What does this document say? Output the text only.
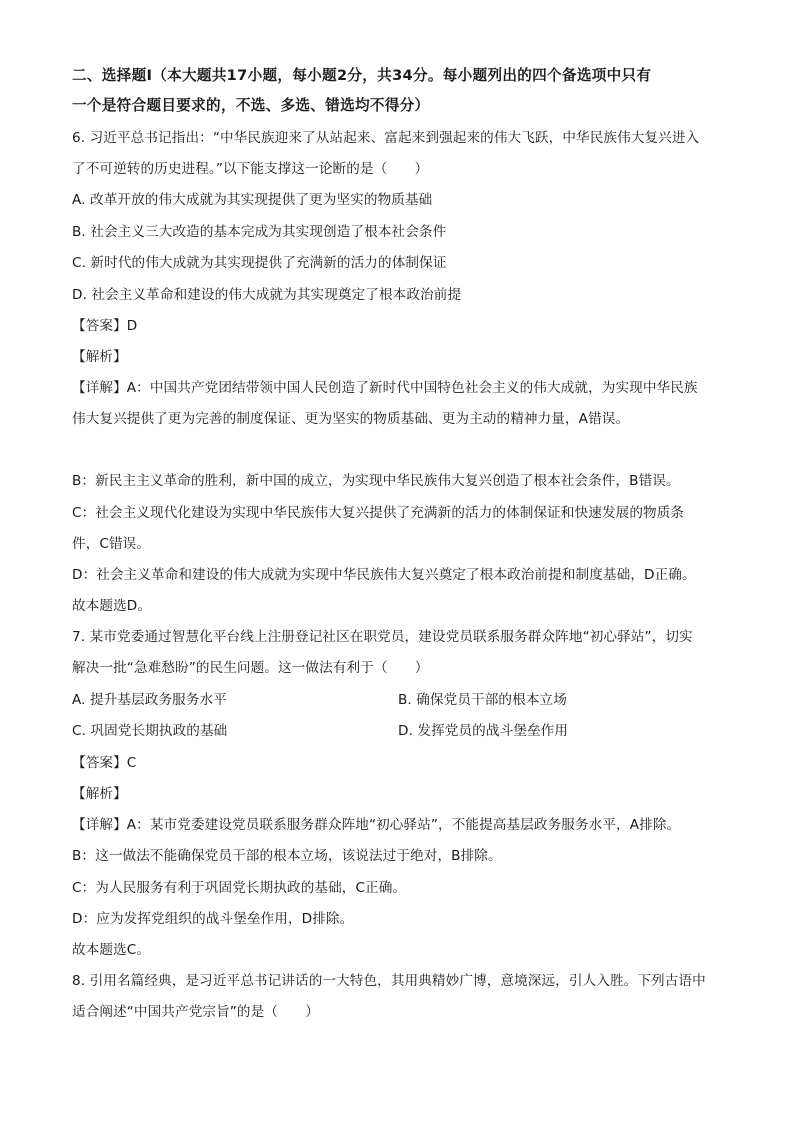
二、选择题Ⅰ（本大题共17小题，每小题2分，共34分。每小题列出的四个备选项中只有
一个是符合题目要求的，不选、多选、错选均不得分）
6. 习近平总书记指出：“中华民族迎来了从站起来、富起来到强起来的伟大飞跃，中华民族伟大复兴进入
了不可逆转的历史进程。”以下能支撑这一论断的是（　　）
A. 改革开放的伟大成就为其实现提供了更为坚实的物质基础
B. 社会主义三大改造的基本完成为其实现创造了根本社会条件
C. 新时代的伟大成就为其实现提供了充满新的活力的体制保证
D. 社会主义革命和建设的伟大成就为其实现奠定了根本政治前提
【答案】D
【解析】
【详解】A：中国共产党团结带领中国人民创造了新时代中国特色社会主义的伟大成就，为实现中华民族
伟大复兴提供了更为完善的制度保证、更为坚实的物质基础、更为主动的精神力量，A错误。
B：新民主主义革命的胜利，新中国的成立，为实现中华民族伟大复兴创造了根本社会条件，B错误。
C：社会主义现代化建设为实现中华民族伟大复兴提供了充满新的活力的体制保证和快速发展的物质条
件，C错误。
D：社会主义革命和建设的伟大成就为实现中华民族伟大复兴奠定了根本政治前提和制度基础，D正确。
故本题选D。
7. 某市党委通过智慧化平台线上注册登记社区在职党员，建设党员联系服务群众阵地“初心驿站”，切实
解决一批“急难愁盼”的民生问题。这一做法有利于（　　）
A. 提升基层政务服务水平	B. 确保党员干部的根本立场
C. 巩固党长期执政的基础	D. 发挥党员的战斗堡垒作用
【答案】C
【解析】
【详解】A：某市党委建设党员联系服务群众阵地“初心驿站”，不能提高基层政务服务水平，A排除。
B：这一做法不能确保党员干部的根本立场，该说法过于绝对，B排除。
C：为人民服务有利于巩固党长期执政的基础，C正确。
D：应为发挥党组织的战斗堡垒作用，D排除。
故本题选C。
8. 引用名篇经典，是习近平总书记讲话的一大特色，其用典精妙广博，意境深远，引人入胜。下列古语中
适合阐述“中国共产党宗旨”的是（　　）
